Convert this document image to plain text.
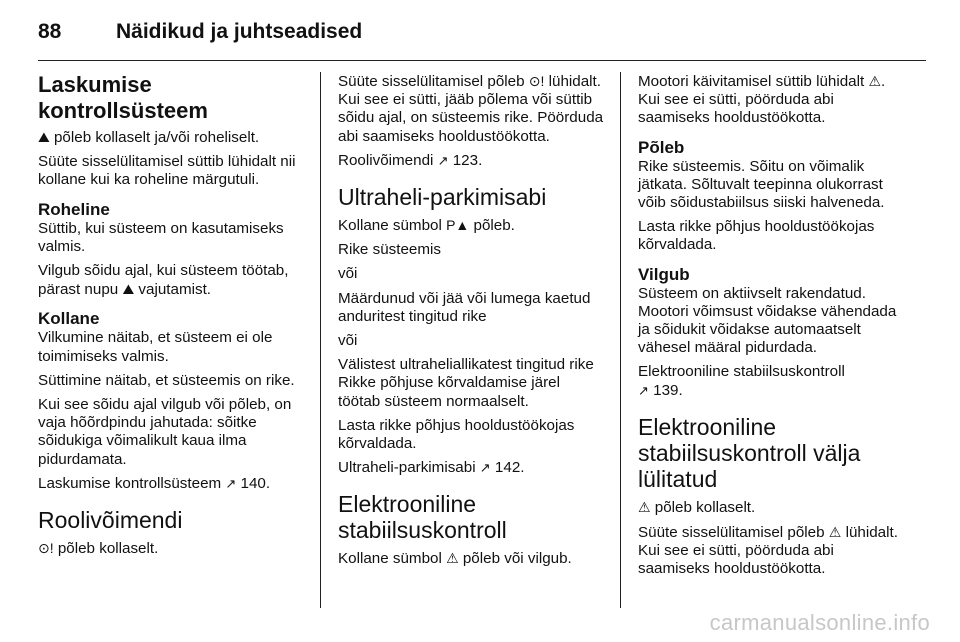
88	Näidikud ja juhtseadised
Laskumise kontrollsüsteem

⛰ põleb kollaselt ja/või roheliselt.

Süüte sisselülitamisel süttib lühidalt nii kollane kui ka roheline märgutuli.

Roheline

Süttib, kui süsteem on kasutamiseks valmis.

Vilgub sõidu ajal, kui süsteem töötab, pärast nupu ⛰ vajutamist.

Kollane

Vilkumine näitab, et süsteem ei ole toimimiseks valmis.

Süttimine näitab, et süsteemis on rike.

Kui see sõidu ajal vilgub või põleb, on vaja hõõrdpindu jahutada: sõitke sõidukiga võimalikult kaua ilma pidurdamata.

Laskumise kontrollsüsteem ↗ 140.

Roolivõimendi

⊙! põleb kollaselt.

Süüte sisselülitamisel põleb ⊙! lühidalt. Kui see ei sütti, jääb põlema või süttib sõidu ajal, on süsteemis rike. Pöörduda abi saamiseks hooldustöökotta.

Roolivõimendi ↗ 123.

Ultraheli-parkimisabi

Kollane sümbol P▲ põleb.

Rike süsteemis

või

Määrdunud või jää või lumega kaetud anduritest tingitud rike

või

Välistest ultraheliallikatest tingitud rike Rikke põhjuse kõrvaldamise järel töötab süsteem normaalselt.

Lasta rikke põhjus hooldustöökojas kõrvaldada.

Ultraheli-parkimisabi ↗ 142.

Elektrooniline stabiilsuskontroll

Kollane sümbol ⚠ põleb või vilgub.

Mootori käivitamisel süttib lühidalt ⚠. Kui see ei sütti, pöörduda abi saamiseks hooldustöökotta.

Põleb

Rike süsteemis. Sõitu on võimalik jätkata. Sõltuvalt teepinna olukorrast võib sõidustabiilsus siiski halveneda.

Lasta rikke põhjus hooldustöökojas kõrvaldada.

Vilgub

Süsteem on aktiivselt rakendatud. Mootori võimsust võidakse vähendada ja sõidukit võidakse automaatselt vähesel määral pidurdada.

Elektrooniline stabiilsuskontroll
↗ 139.

Elektrooniline stabiilsuskontroll välja lülitatud

⚠ põleb kollaselt.

Süüte sisselülitamisel põleb ⚠ lühidalt. Kui see ei sütti, pöörduda abi saamiseks hooldustöökotta.

carmanualsonline.info
